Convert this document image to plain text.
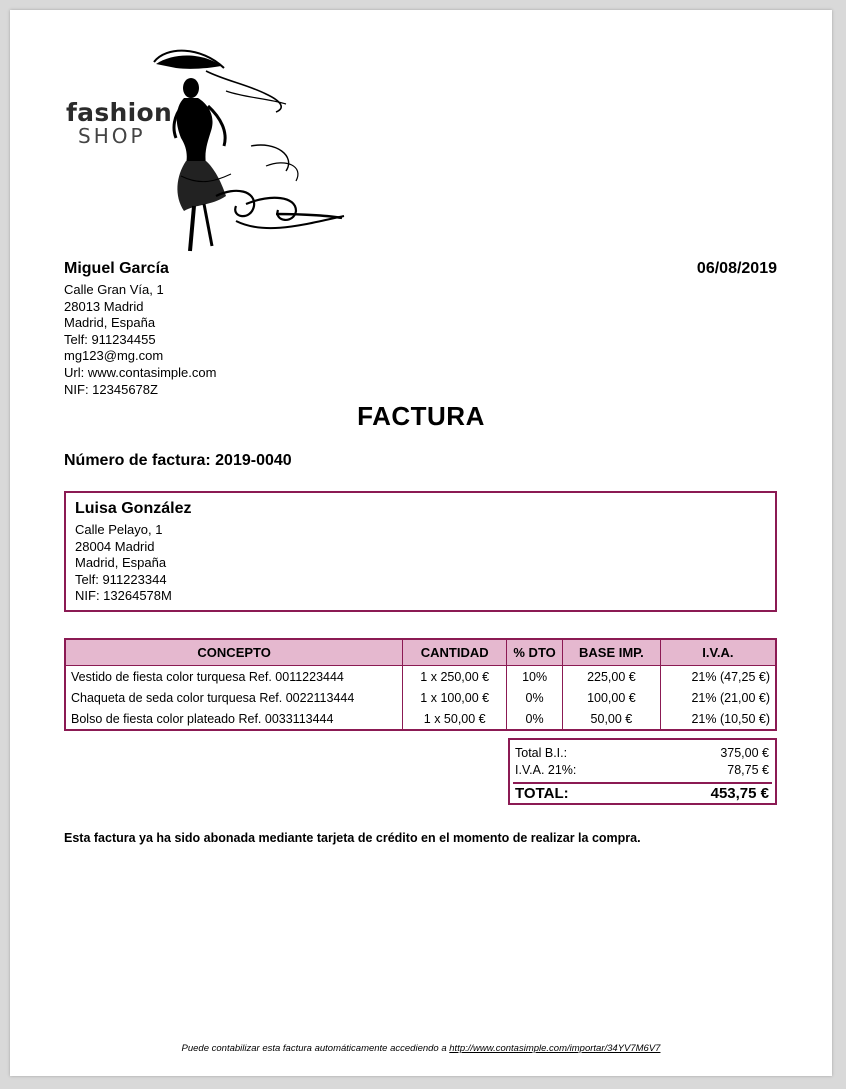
fashion
SHOP
Miguel García
Calle Gran Vía, 1
28013 Madrid
Madrid, España
Telf: 911234455
mg123@mg.com
Url: www.contasimple.com
NIF: 12345678Z
06/08/2019
FACTURA
Número de factura: 2019-0040
Luisa González
Calle Pelayo, 1
28004 Madrid
Madrid, España
Telf: 911223344
NIF: 13264578M
CONCEPTO	CANTIDAD	% DTO	BASE IMP.	I.V.A.
Vestido de fiesta color turquesa Ref. 0011223444	1 x 250,00 €	10%	225,00 €	21% (47,25 €)
Chaqueta de seda color turquesa Ref. 0022113444	1 x 100,00 €	0%	100,00 €	21% (21,00 €)
Bolso de fiesta color plateado Ref. 0033113444	1 x 50,00 €	0%	50,00 €	21% (10,50 €)
Total B.I.:	375,00 €
I.V.A. 21%:	78,75 €
TOTAL:	453,75 €
Esta factura ya ha sido abonada mediante tarjeta de crédito en el momento de realizar la compra.
Puede contabilizar esta factura automáticamente accediendo a http://www.contasimple.com/importar/34YV7M6V7
